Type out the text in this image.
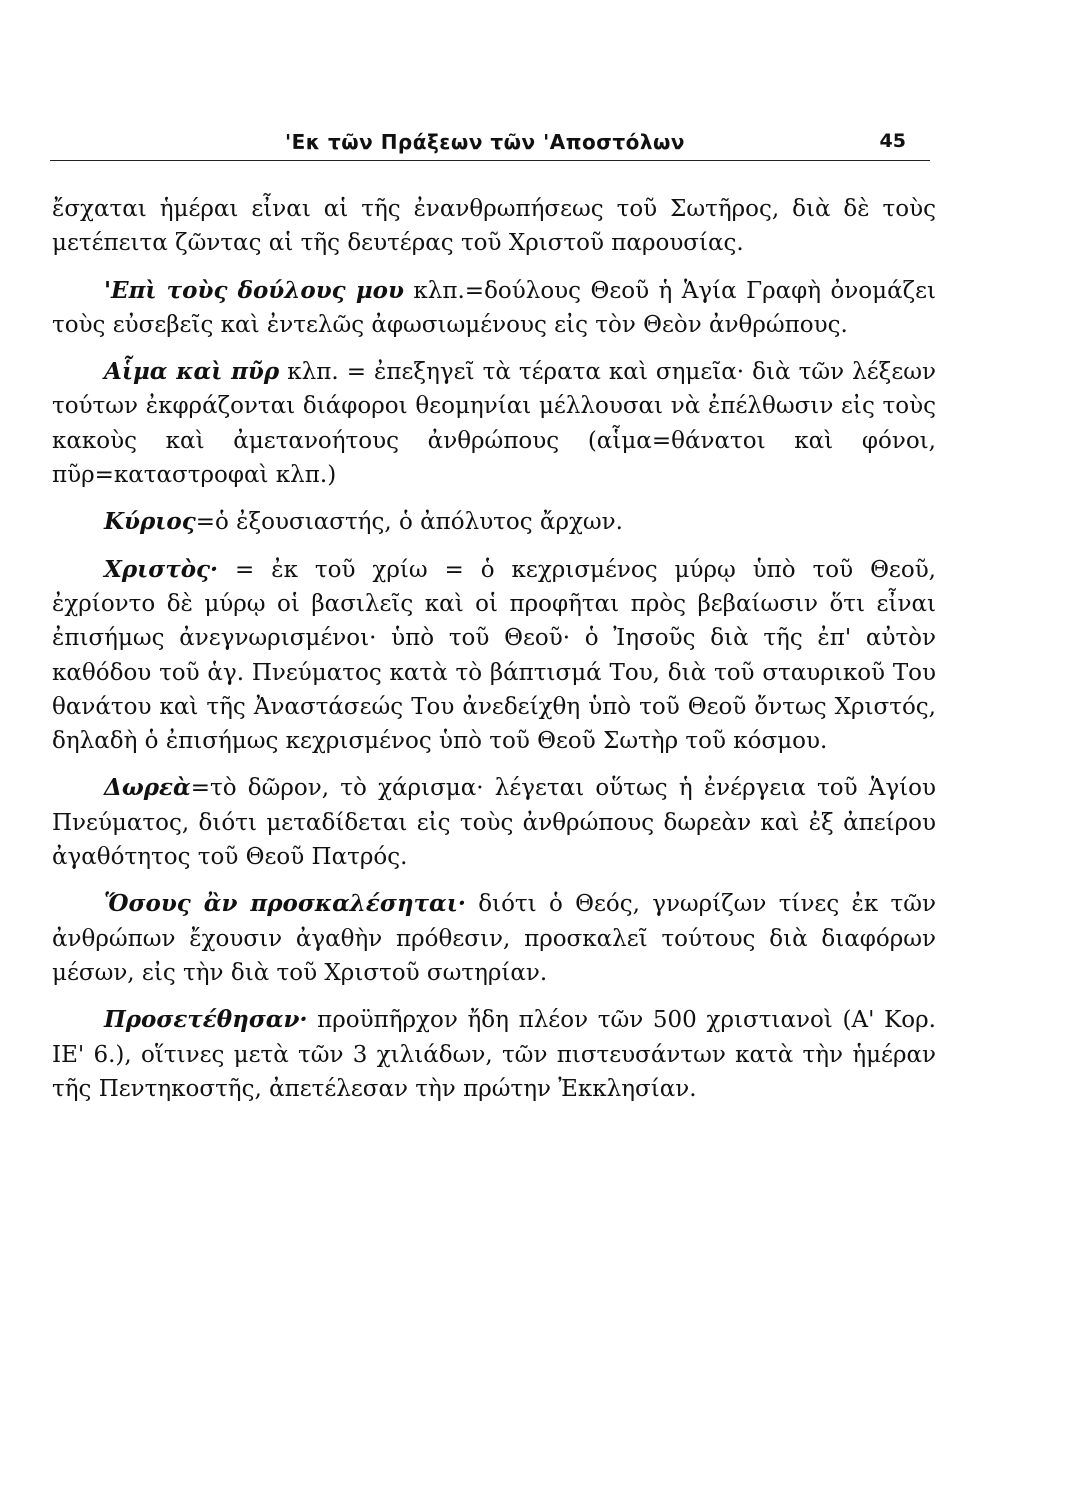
'Εκ τῶν Πράξεων τῶν 'Αποστόλων	45

ἔσχαται ἡμέραι εἶναι αἱ τῆς ἐνανθρωπήσεως τοῦ Σωτῆρος, διὰ δὲ τοὺς μετέπειτα ζῶντας αἱ τῆς δευτέρας τοῦ Χριστοῦ παρουσίας.

'Επὶ τοὺς δούλους μου κλπ.=δούλους Θεοῦ ἡ Ἁγία Γραφὴ ὀνομάζει τοὺς εὐσεβεῖς καὶ ἐντελῶς ἀφωσιωμένους εἰς τὸν Θεὸν ἀνθρώπους.

Αἷμα καὶ πῦρ κλπ. = ἐπεξηγεῖ τὰ τέρατα καὶ σημεῖα· διὰ τῶν λέξεων τούτων ἐκφράζονται διάφοροι θεομηνίαι μέλλουσαι νὰ ἐπέλθωσιν εἰς τοὺς κακοὺς καὶ ἀμετανοήτους ἀνθρώπους (αἷμα=θάνατοι καὶ φόνοι, πῦρ=καταστροφαὶ κλπ.)

Κύριος=ὁ ἐξουσιαστής, ὁ ἀπόλυτος ἄρχων.

Χριστὸς· = ἐκ τοῦ χρίω = ὁ κεχρισμένος μύρῳ ὑπὸ τοῦ Θεοῦ, ἐχρίοντο δὲ μύρῳ οἱ βασιλεῖς καὶ οἱ προφῆται πρὸς βεβαίωσιν ὅτι εἶναι ἐπισήμως ἀνεγνωρισμένοι· ὑπὸ τοῦ Θεοῦ· ὁ Ἰησοῦς διὰ τῆς ἐπ' αὐτὸν καθόδου τοῦ ἁγ. Πνεύματος κατὰ τὸ βάπτισμά Του, διὰ τοῦ σταυρικοῦ Του θανάτου καὶ τῆς Ἀναστάσεώς Του ἀνεδείχθη ὑπὸ τοῦ Θεοῦ ὄντως Χριστός, δηλαδὴ ὁ ἐπισήμως κεχρισμένος ὑπὸ τοῦ Θεοῦ Σωτὴρ τοῦ κόσμου.

Δωρεὰ=τὸ δῶρον, τὸ χάρισμα· λέγεται οὕτως ἡ ἐνέργεια τοῦ Ἁγίου Πνεύματος, διότι μεταδίδεται εἰς τοὺς ἀνθρώπους δωρεὰν καὶ ἐξ ἀπείρου ἀγαθότητος τοῦ Θεοῦ Πατρός.

Ὅσους ἂν προσκαλέσηται· διότι ὁ Θεός, γνωρίζων τίνες ἐκ τῶν ἀνθρώπων ἔχουσιν ἀγαθὴν πρόθεσιν, προσκαλεῖ τούτους διὰ διαφόρων μέσων, εἰς τὴν διὰ τοῦ Χριστοῦ σωτηρίαν.

Προσετέθησαν· προϋπῆρχον ἤδη πλέον τῶν 500 χριστιανοὶ (Α' Κορ. ΙΕ' 6.), οἵτινες μετὰ τῶν 3 χιλιάδων, τῶν πιστευσάντων κατὰ τὴν ἡμέραν τῆς Πεντηκοστῆς, ἀπετέλεσαν τὴν πρώτην Ἐκκλησίαν.
